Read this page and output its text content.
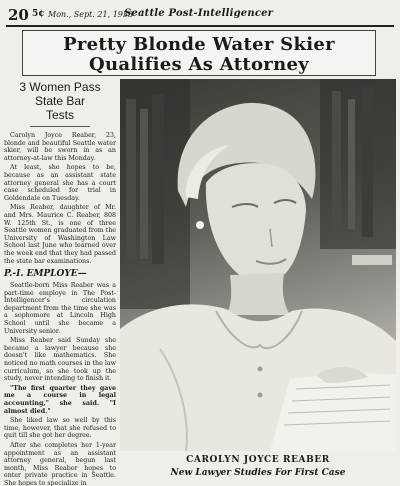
20 5¢ Mon., Sept. 21, 1953
Seattle Post-Intelligencer
Pretty Blonde Water Skier
Qualifies As Attorney
3 Women Pass
State Bar
Tests

Carolyn Joyce Reaber, 23, blonde and beautiful Seattle water skier, will be sworn in as an attorney-at-law this Monday.

At least, she hopes to be, because as an assistant state attorney general she has a court case scheduled for trial in Goldendale on Tuesday.

Miss Reaber, daughter of Mr. and Mrs. Maurice C. Reaber, 808 W. 125th St., is one of three Seattle women graduated from the University of Washington Law School last June who learned over the week end that they had passed the state bar examinations.

P.-I. EMPLOYE—

Seattle-born Miss Reaber was a part-time employe in The Post-Intelligencer's circulation department from the time she was a sophomore at Lincoln High School until she became a University senior.

Miss Reaber said Sunday she became a lawyer because she doesn't like mathematics. She noticed no math courses in the law curriculum, so she took up the study, never intending to finish it.

"The first quarter they gave me a course in legal accounting," she said. "I almost died."

She liked law so well by this time, however, that she refused to quit till she got her degree.

After she completes her 1-year appointment as an assistant attorney general, begun last month, Miss Reaber hopes to enter private practice in Seattle. She hopes to specialize in

CAROLYN JOYCE REABER
New Lawyer Studies For First Case
